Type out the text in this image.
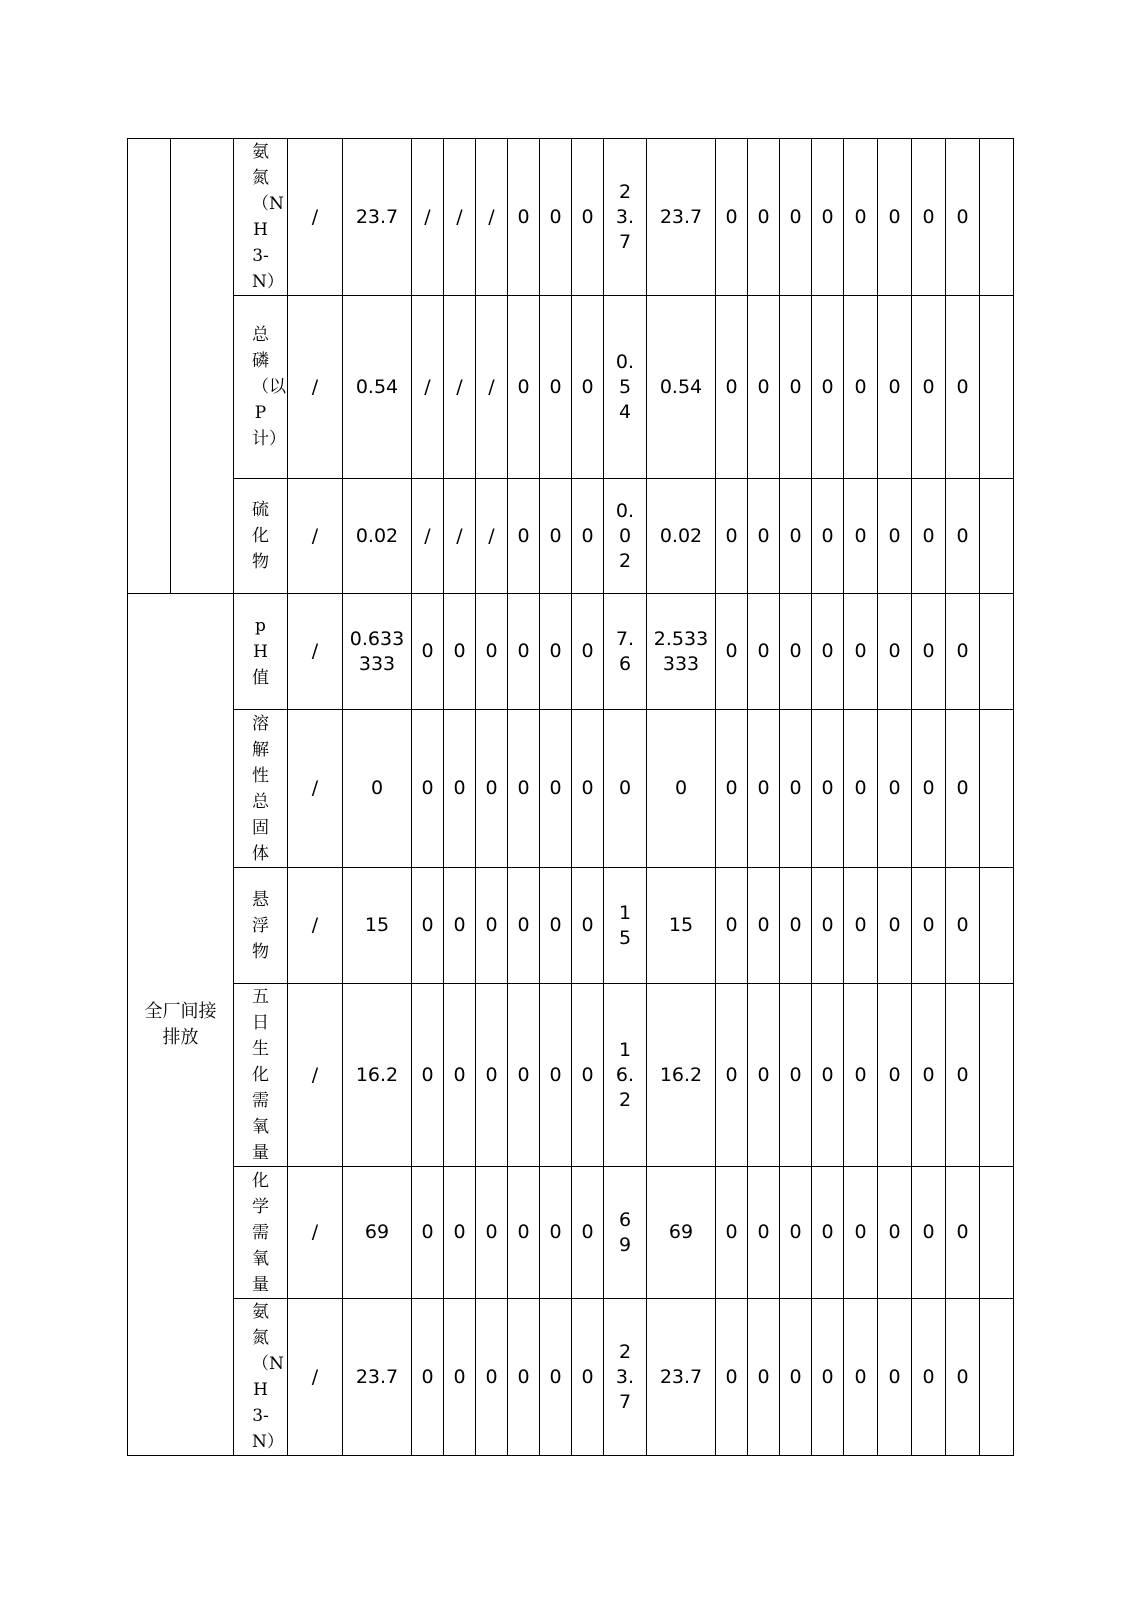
		氨氮（NH3-N）	/	23.7	/	/	/	0	0	0	23.7	23.7	0	0	0	0	0	0	0	0	
		总磷（以P计）	/	0.54	/	/	/	0	0	0	0.54	0.54	0	0	0	0	0	0	0	0	
		硫化物	/	0.02	/	/	/	0	0	0	0.02	0.02	0	0	0	0	0	0	0	0	
全厂间接排放		pH值	/	0.633333	0	0	0	0	0	0	7.6	2.533333	0	0	0	0	0	0	0	0	
		溶解性总固体	/	0	0	0	0	0	0	0	0	0	0	0	0	0	0	0	0	0	
		悬浮物	/	15	0	0	0	0	0	0	15	15	0	0	0	0	0	0	0	0	
		五日生化需氧量	/	16.2	0	0	0	0	0	0	16.2	16.2	0	0	0	0	0	0	0	0	
		化学需氧量	/	69	0	0	0	0	0	0	69	69	0	0	0	0	0	0	0	0	
		氨氮（NH3-N）	/	23.7	0	0	0	0	0	0	23.7	23.7	0	0	0	0	0	0	0	0	
